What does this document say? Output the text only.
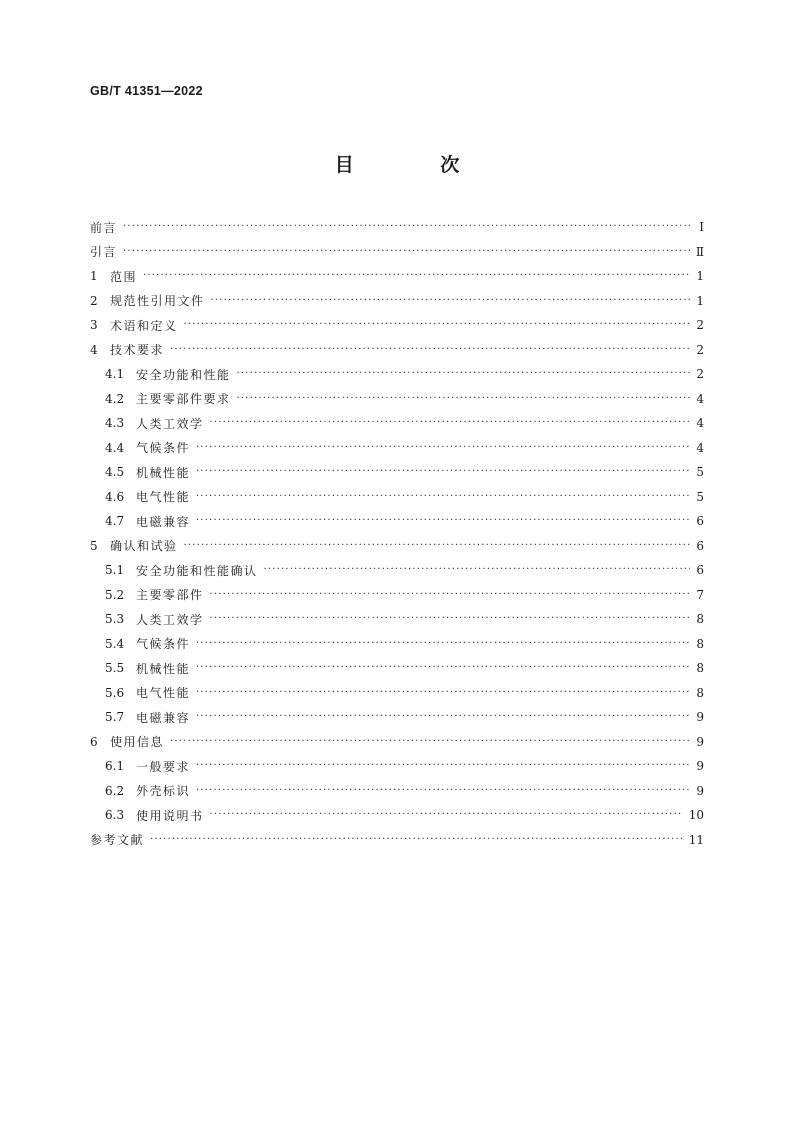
GB/T 41351—2022
目 次
前言 ·····	Ⅰ
引言 ·····	Ⅱ
1	范围 ·····	1
2	规范性引用文件 ·····	1
3	术语和定义 ·····	2
4	技术要求 ·····	2
4.1 安全功能和性能 ·····	2
4.2 主要零部件要求 ·····	4
4.3 人类工效学 ·····	4
4.4 气候条件 ·····	4
4.5 机械性能 ·····	5
4.6 电气性能 ·····	5
4.7 电磁兼容 ·····	6
5	确认和试验 ·····	6
5.1 安全功能和性能确认 ·····	6
5.2 主要零部件 ·····	7
5.3 人类工效学 ·····	8
5.4 气候条件 ·····	8
5.5 机械性能 ·····	8
5.6 电气性能 ·····	8
5.7 电磁兼容 ·····	9
6	使用信息 ·····	9
6.1 一般要求 ·····	9
6.2 外壳标识 ·····	9
6.3 使用说明书 ·····	10
参考文献 ·····	11
